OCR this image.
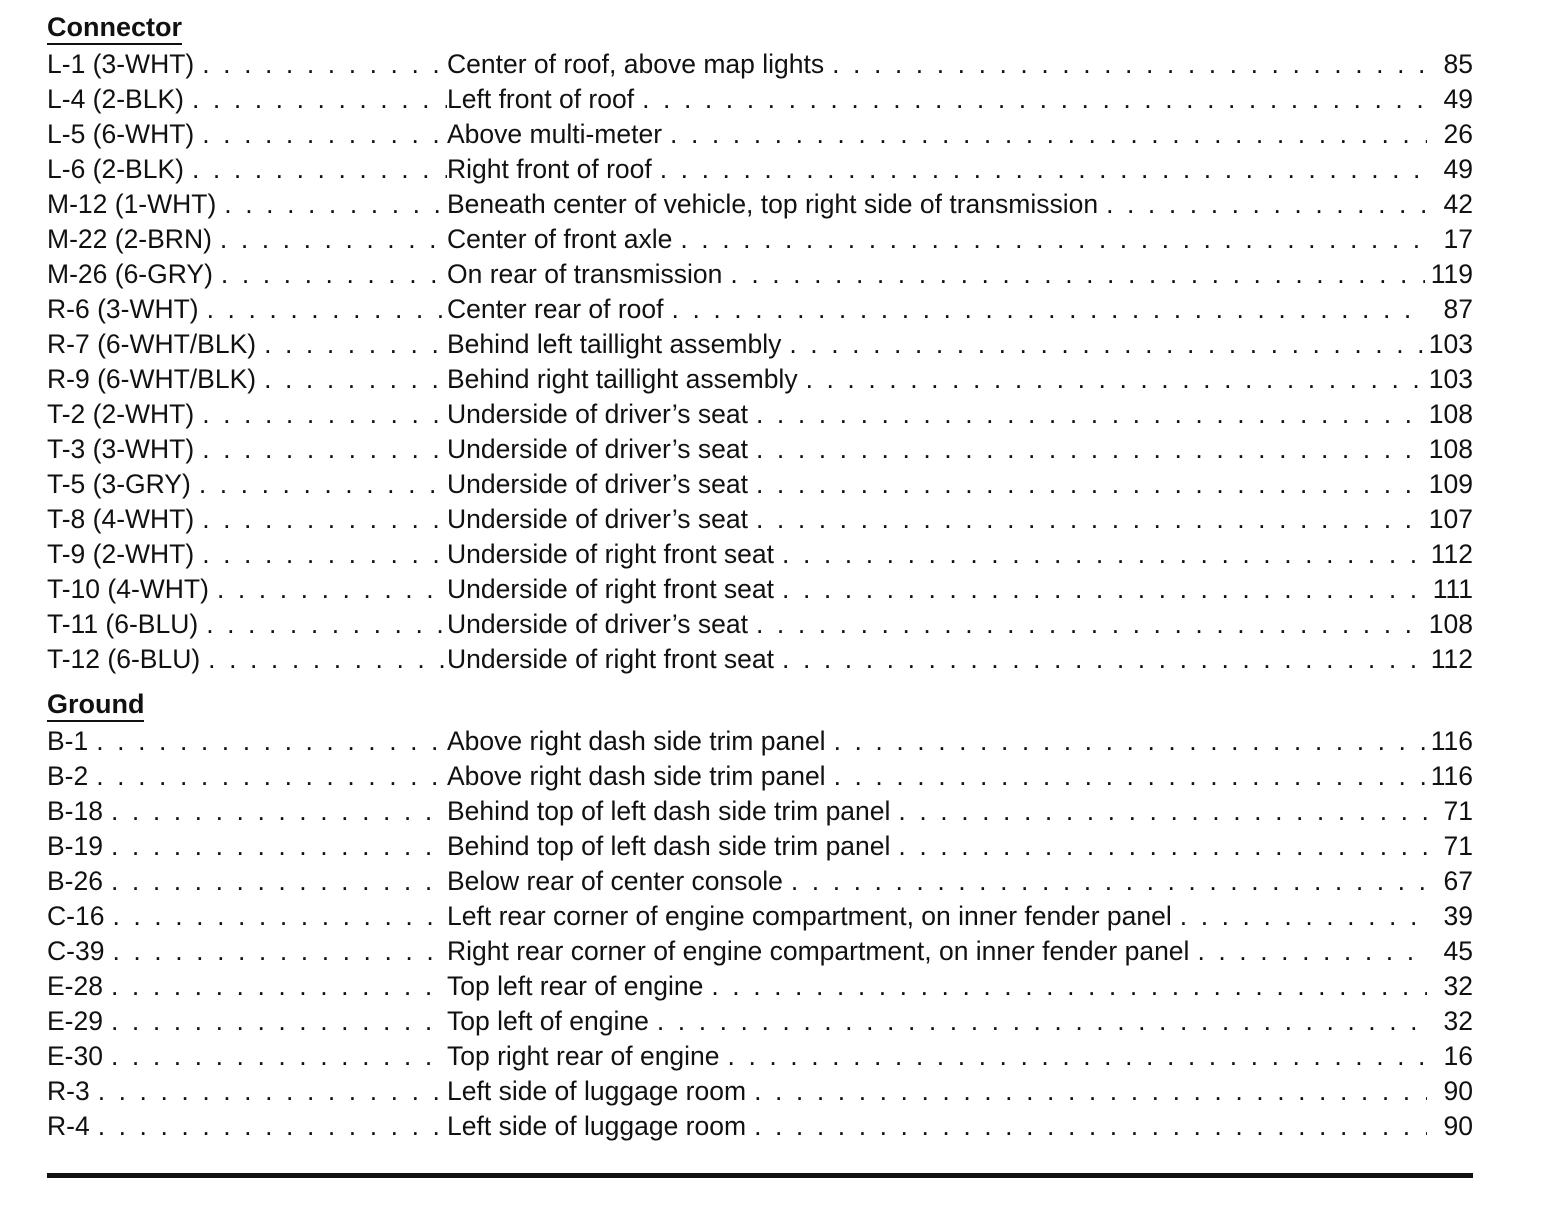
Connector
L-1 (3-WHT) . . .	Center of roof, above map lights . . .	85
L-4 (2-BLK) . . .	Left front of roof . . .	49
L-5 (6-WHT) . . .	Above multi-meter . . .	26
L-6 (2-BLK) . . .	Right front of roof . . .	49
M-12 (1-WHT) . . .	Beneath center of vehicle, top right side of transmission . . .	42
M-22 (2-BRN) . . .	Center of front axle . . .	17
M-26 (6-GRY) . . .	On rear of transmission . . .	119
R-6 (3-WHT) . . .	Center rear of roof . . .	87
R-7 (6-WHT/BLK) . . .	Behind left taillight assembly . . .	103
R-9 (6-WHT/BLK) . . .	Behind right taillight assembly . . .	103
T-2 (2-WHT) . . .	Underside of driver’s seat . . .	108
T-3 (3-WHT) . . .	Underside of driver’s seat . . .	108
T-5 (3-GRY) . . .	Underside of driver’s seat . . .	109
T-8 (4-WHT) . . .	Underside of driver’s seat . . .	107
T-9 (2-WHT) . . .	Underside of right front seat . . .	112
T-10 (4-WHT) . . .	Underside of right front seat . . .	111
T-11 (6-BLU) . . .	Underside of driver’s seat . . .	108
T-12 (6-BLU) . . .	Underside of right front seat . . .	112
Ground
B-1 . . .	Above right dash side trim panel . . .	116
B-2 . . .	Above right dash side trim panel . . .	116
B-18 . . .	Behind top of left dash side trim panel . . .	71
B-19 . . .	Behind top of left dash side trim panel . . .	71
B-26 . . .	Below rear of center console . . .	67
C-16 . . .	Left rear corner of engine compartment, on inner fender panel . . .	39
C-39 . . .	Right rear corner of engine compartment, on inner fender panel . . .	45
E-28 . . .	Top left rear of engine . . .	32
E-29 . . .	Top left of engine . . .	32
E-30 . . .	Top right rear of engine . . .	16
R-3 . . .	Left side of luggage room . . .	90
R-4 . . .	Left side of luggage room . . .	90
